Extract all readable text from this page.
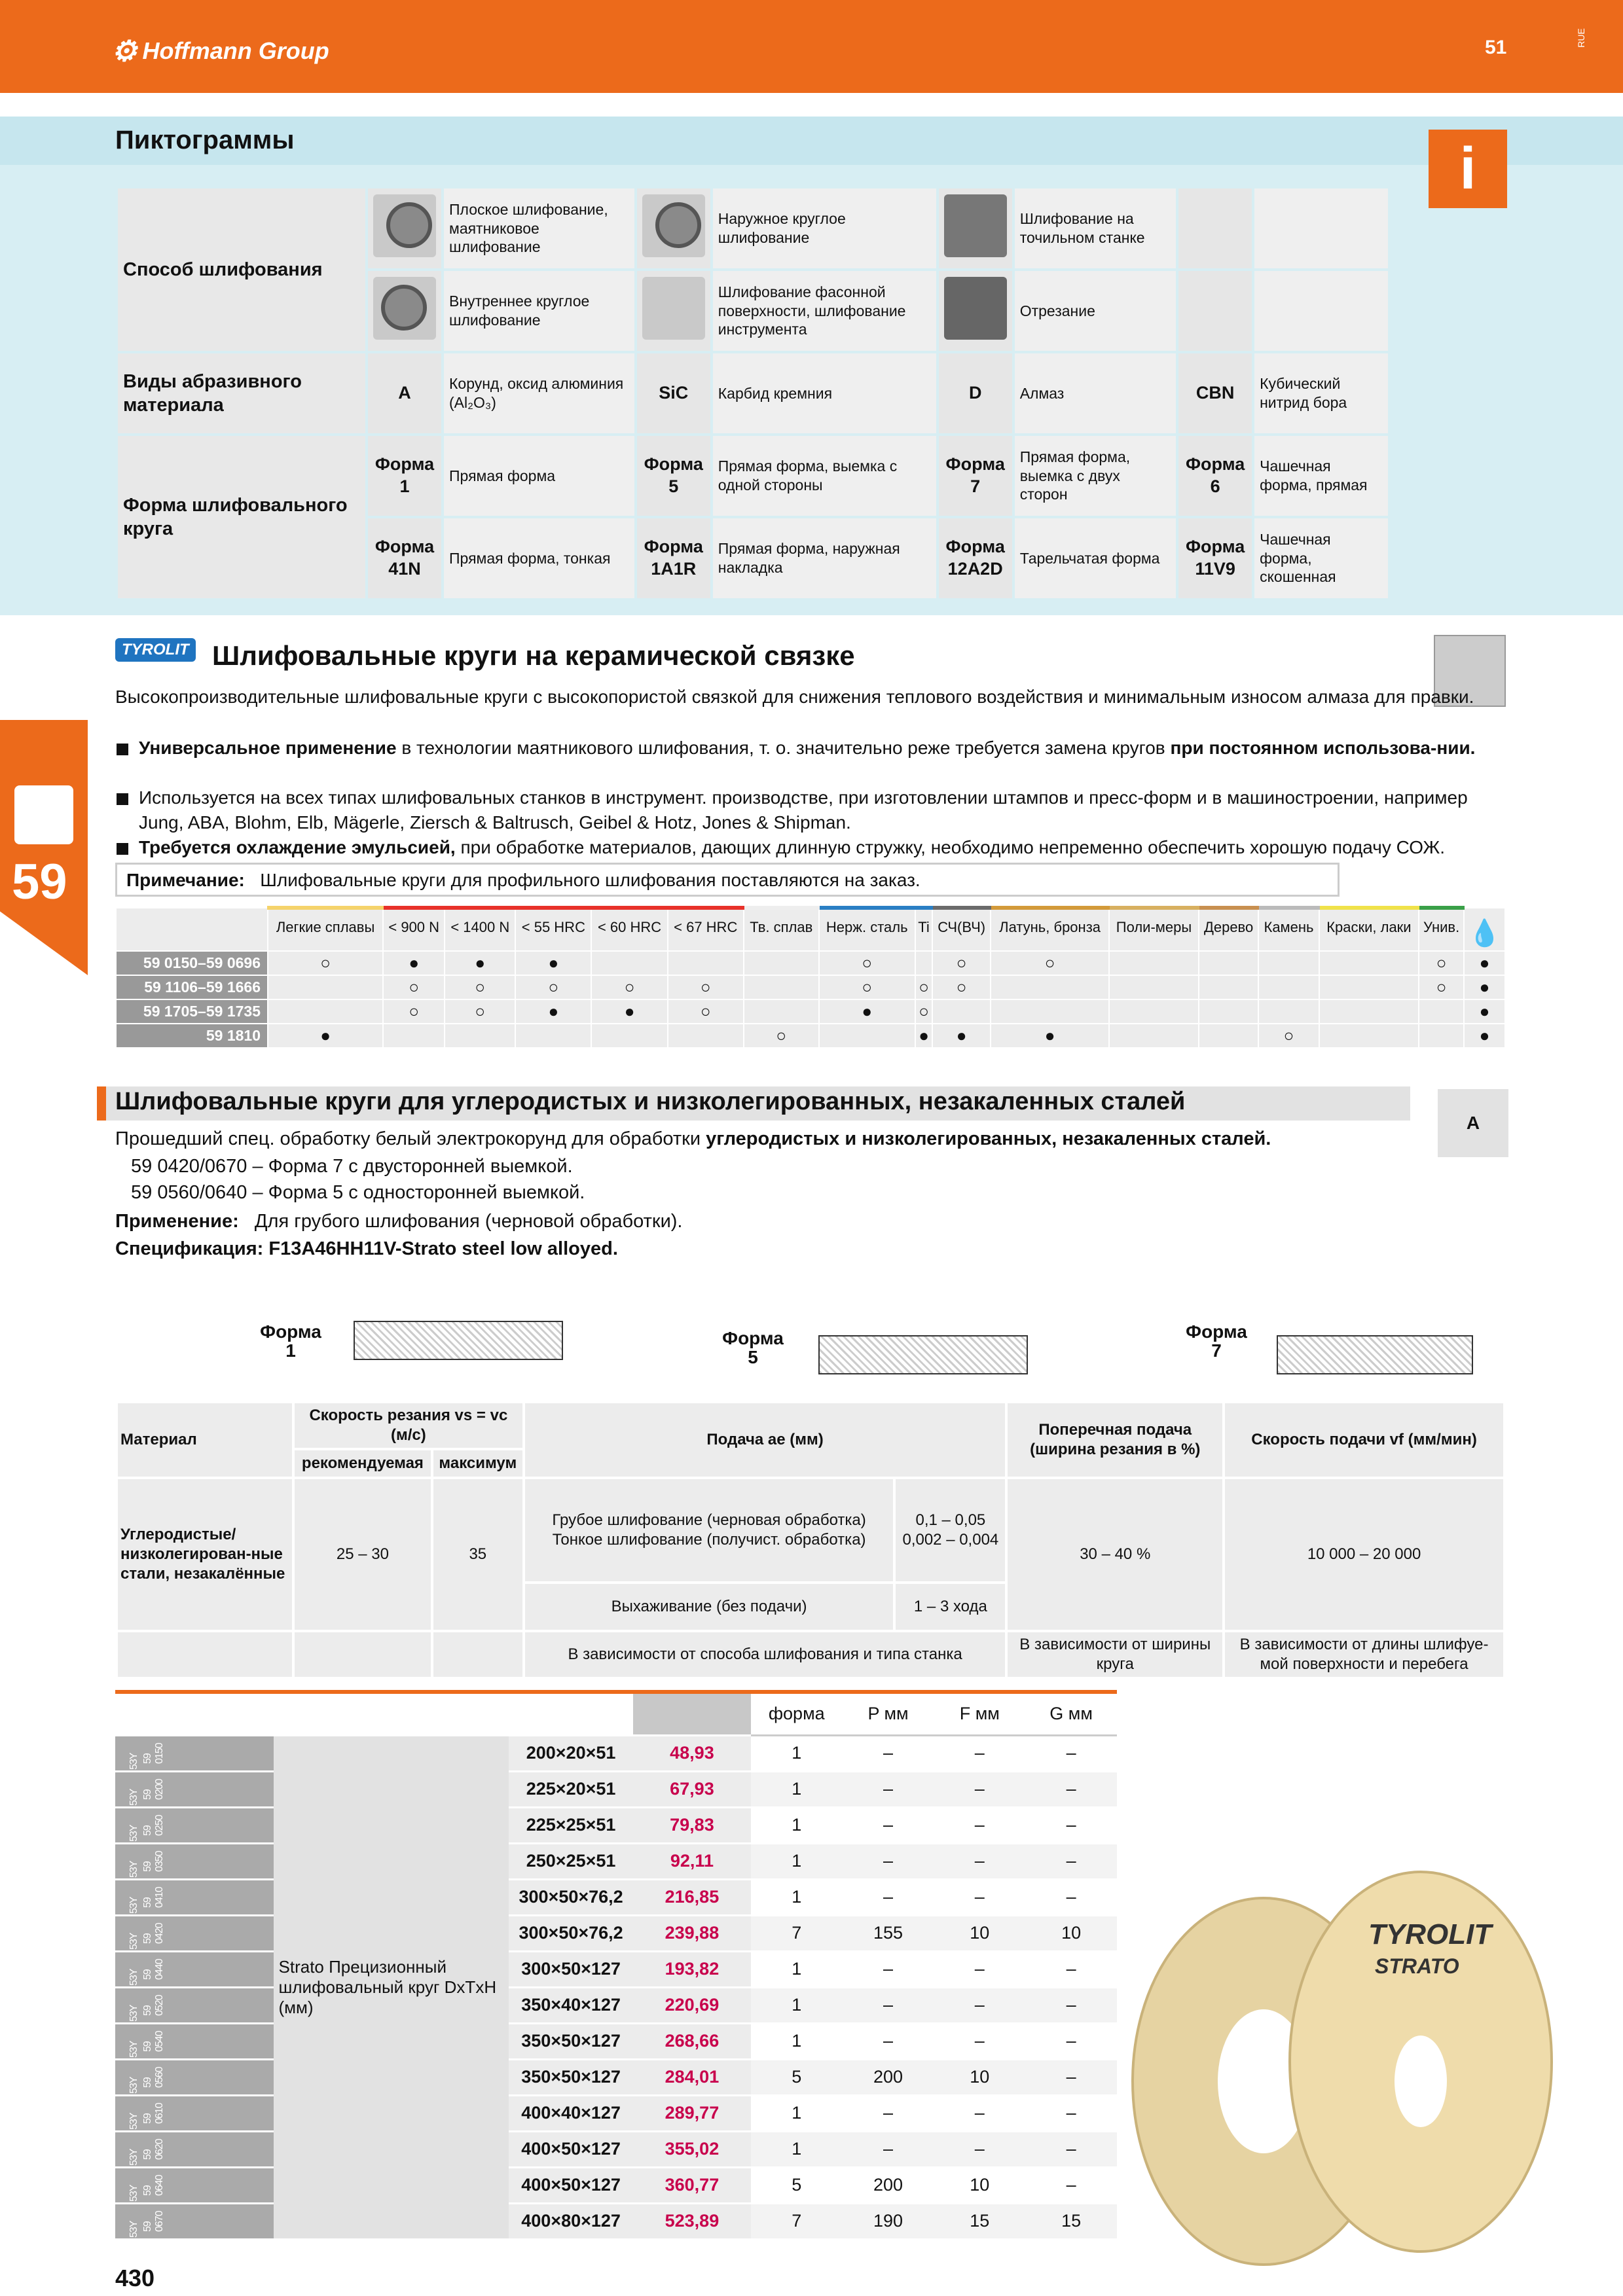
⚙ Hoffmann Group	51	RUE
Пиктограммы	i
Способ шлифования		Плоское шлифование, маятниковое шлифование		Наружное круглое шлифование		Шлифование на точильном станке		

		Внутреннее круглое шлифование		Шлифование фасонной поверхности, шлифование инструмента		Отрезание		
Виды абразивного материала	A	Корунд, оксид алюминия (Al₂O₃)	SiC	Карбид кремния	D	Алмаз	CBN	Кубический нитрид бора
Форма шлифовального круга	Форма 1	Прямая форма	Форма 5	Прямая форма, выемка с одной стороны	Форма 7	Прямая форма, выемка с двух сторон	Форма 6	Чашечная форма, прямая
	Форма 41N	Прямая форма, тонкая	Форма 1A1R	Прямая форма, наружная накладка	Форма 12A2D	Тарельчатая форма	Форма 11V9	Чашечная форма, скошенная
59
TYROLIT Шлифовальные круги на керамической связке
Высокопроизводительные шлифовальные круги с высокопористой связкой для снижения теплового воздействия и минимальным износом алмаза для правки.
Универсальное применение в технологии маятникового шлифования, т. о. значительно реже требуется замена кругов при постоянном использова-нии.
Используется на всех типах шлифовальных станков в инструмент. производстве, при изготовлении штампов и пресс-форм и в машиностроении, например Jung, ABA, Blohm, Elb, Mägerle, Ziersch & Baltrusch, Geibel & Hotz, Jones & Shipman.
Требуется охлаждение эмульсией, при обработке материалов, дающих длинную стружку, необходимо непременно обеспечить хорошую подачу СОЖ.
Примечание: Шлифовальные круги для профильного шлифования поставляются на заказ.
	Легкие сплавы	< 900 N	< 1400 N	< 55 HRC	< 60 HRC	< 67 HRC	Тв. сплав	Нерж. сталь	Ti	СЧ(ВЧ)	Латунь, бронза	Поли-меры	Дерево	Камень	Краски, лаки	Унив.	💧
59 0150–59 0696	○	●	●	●				○		○	○					○	●
59 1106–59 1666		○	○	○	○	○		○	○	○						○	●
59 1705–59 1735		○	○	●	●	○		●	○								●
59 1810	●						○		●	●	●			○			●
Шлифовальные круги для углеродистых и низколегированных, незакаленных сталей
A
Прошедший спец. обработку белый электрокорунд для обработки углеродистых и низколегированных, незакаленных сталей.
59 0420/0670 – Форма 7 с двусторонней выемкой.
59 0560/0640 – Форма 5 с односторонней выемкой.
Применение: Для грубого шлифования (черновой обработки).
Спецификация: F13A46HH11V-Strato steel low alloyed.
Форма 1
Форма 5
Форма 7
Материал	Скорость резания vs = vc (м/с)		Подача ae (мм)		Поперечная подача (ширина резания в %)	Скорость подачи vf (мм/мин)
	рекомендуемая	максимум				
Углеродистые/ низколегирован-ные стали, незакалённые	25 – 30	35	Грубое шлифование (черновая обработка) Тонкое шлифование (получист. обработка)	0,1 – 0,05 0,002 – 0,004	30 – 40 %	10 000 – 20 000
			Выхаживание (без подачи)	1 – 3 хода		
			В зависимости от способа шлифования и типа станка		В зависимости от ширины круга	В зависимости от длины шлифуе-мой поверхности и перебега
				форма	P мм	F мм	G мм
53Y 59 0150	Strato Прецизионный шлифовальный круг DxTxH (мм)	200×20×51	48,93	1	–	–	–
53Y 59 0200		225×20×51	67,93	1	–	–	–
53Y 59 0250		225×25×51	79,83	1	–	–	–
53Y 59 0350		250×25×51	92,11	1	–	–	–
53Y 59 0410		300×50×76,2	216,85	1	–	–	–
53Y 59 0420		300×50×76,2	239,88	7	155	10	10
53Y 59 0440		300×50×127	193,82	1	–	–	–
53Y 59 0520		350×40×127	220,69	1	–	–	–
53Y 59 0540		350×50×127	268,66	1	–	–	–
53Y 59 0560		350×50×127	284,01	5	200	10	–
53Y 59 0610		400×40×127	289,77	1	–	–	–
53Y 59 0620		400×50×127	355,02	1	–	–	–
53Y 59 0640		400×50×127	360,77	5	200	10	–
53Y 59 0670		400×80×127	523,89	7	190	15	15
TYROLIT
STRATO
430
